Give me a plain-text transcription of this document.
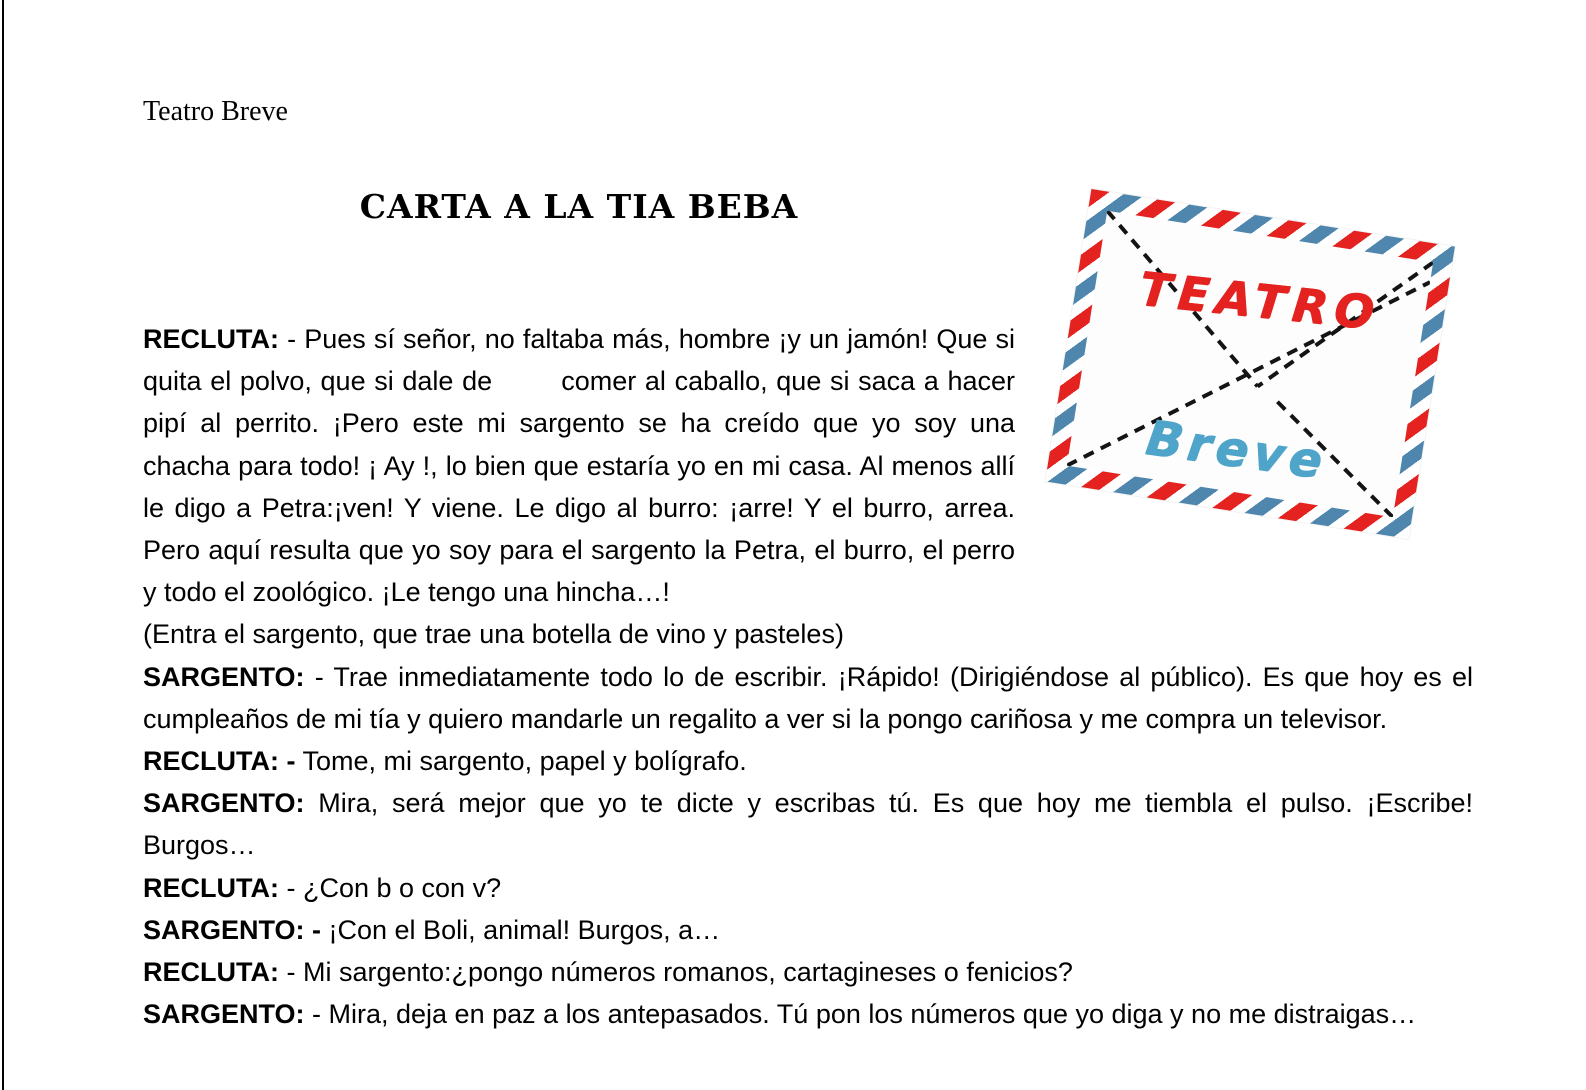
Teatro Breve

TEATRO
Breve
CARTA A LA TIA BEBA

RECLUTA: - Pues sí señor, no faltaba más, hombre ¡y un jamón! Que si quita el polvo, que si dale de        comer al caballo, que si saca a hacer pipí al perrito. ¡Pero este mi sargento se ha creído que yo soy una chacha para todo! ¡ Ay !, lo bien que estaría yo en mi casa. Al menos allí le digo a Petra:¡ven! Y viene. Le digo al burro: ¡arre! Y el burro, arrea. Pero aquí resulta que yo soy para el sargento la Petra, el burro, el perro y todo el zoológico. ¡Le tengo una hincha…!

(Entra el sargento, que trae una botella de vino y pasteles)

SARGENTO: - Trae inmediatamente todo lo de escribir. ¡Rápido! (Dirigiéndose al público). Es que hoy es el cumpleaños de mi tía y quiero mandarle un regalito a ver si la pongo cariñosa y me compra un televisor.

RECLUTA: - Tome, mi sargento, papel y bolígrafo.

SARGENTO: Mira, será mejor que yo te dicte y escribas tú. Es que hoy me tiembla el pulso. ¡Escribe! Burgos…

RECLUTA: - ¿Con b o con v?

SARGENTO: - ¡Con el Boli, animal! Burgos, a…

RECLUTA: - Mi sargento:¿pongo números romanos, cartagineses o fenicios?

SARGENTO: - Mira, deja en paz a los antepasados. Tú pon los números que yo diga y no me distraigas…
